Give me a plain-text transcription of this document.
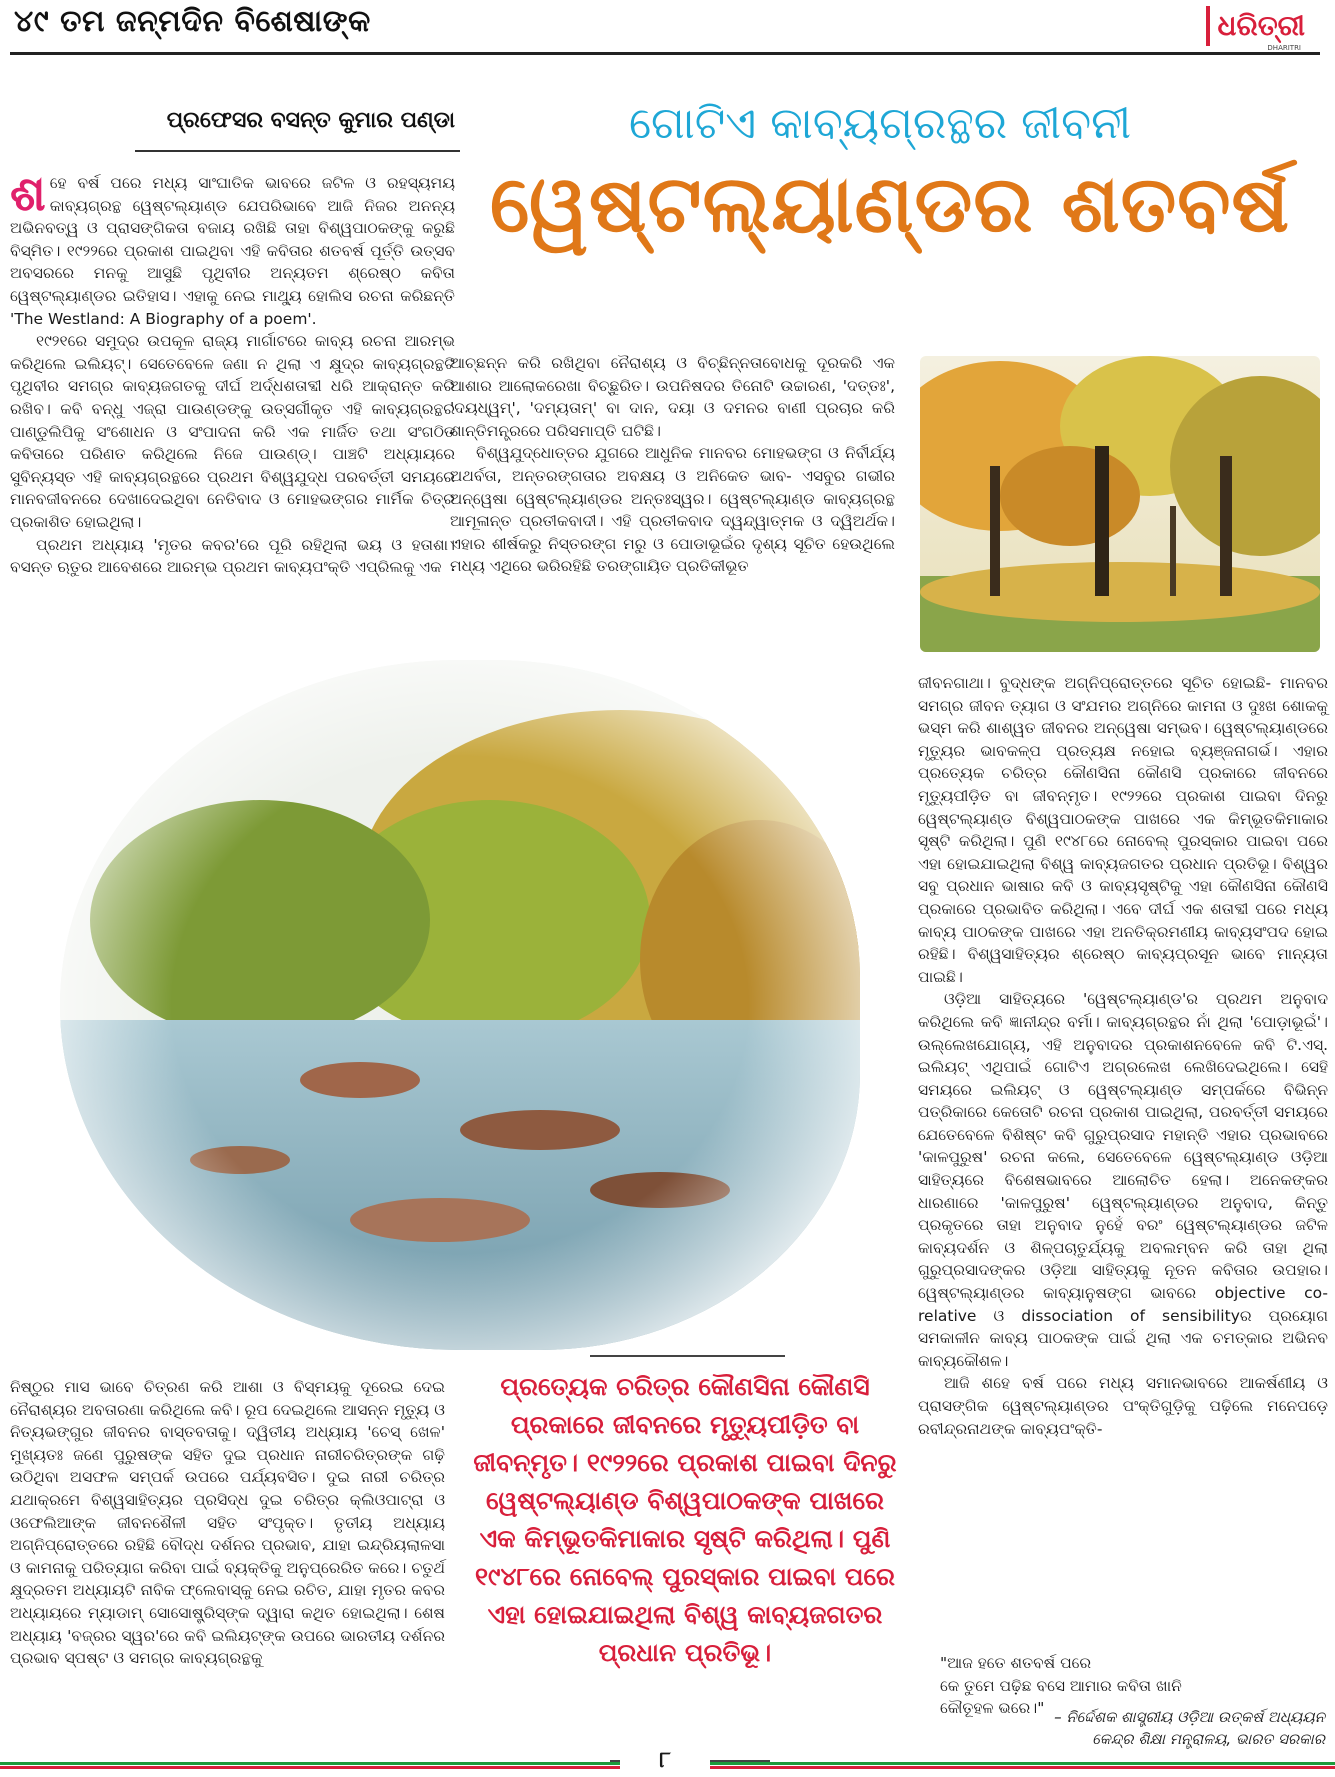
୪୯ ତମ ଜନ୍ମଦିନ ବିଶେଷାଙ୍କ	ଧରିତ୍ରୀ
DHARITRI
ପ୍ରଫେସର ବସନ୍ତ କୁମାର ପଣ୍ଡା	ଗୋଟିଏ କାବ୍ୟଗ୍ରନ୍ଥର ଜୀବନୀ
ୱେଷ୍ଟଲ୍ୟାଣ୍ଡର ଶତବର୍ଷ

ଶହେ ବର୍ଷ ପରେ ମଧ୍ୟ ସାଂଘାତିକ ଭାବରେ ଜଟିଳ ଓ ରହସ୍ୟମୟ କାବ୍ୟଗ୍ରନ୍ଥ ୱେଷ୍ଟଲ୍ୟାଣ୍ଡ ଯେପରିଭାବେ ଆଜି ନିଜର ଅନନ୍ୟ ଅଭିନବତ୍ୱ ଓ ପ୍ରାସଙ୍ଗିକତା ବଜାୟ ରଖିଛି ତାହା ବିଶ୍ୱପାଠକଙ୍କୁ କରୁଛି ବିସ୍ମିତ। ୧୯୨୨ରେ ପ୍ରକାଶ ପାଇଥିବା ଏହି କବିତାର ଶତବର୍ଷ ପୂର୍ତ୍ତି ଉତ୍ସବ ଅବସରରେ ମନକୁ ଆସୁଛି ପୃଥିବୀର ଅନ୍ୟତମ ଶ୍ରେଷ୍ଠ କବିତା ୱେଷ୍ଟଲ୍ୟାଣ୍ଡର ଇତିହାସ। ଏହାକୁ ନେଇ ମାଥ୍ୟୁ ହୋଲିସ ରଚନା କରିଛନ୍ତି 'The Westland: A Biography of a poem'.

୧୯୨୧ରେ ସମୁଦ୍ର ଉପକୂଳ ରାଜ୍ୟ ମାର୍ଗାଟରେ କାବ୍ୟ ରଚନା ଆରମ୍ଭ କରିଥିଲେ ଇଲିୟଟ୍। ସେତେବେଳେ ଜଣା ନ ଥିଲା ଏ କ୍ଷୁଦ୍ର କାବ୍ୟଗ୍ରନ୍ଥଟି ପୃଥିବୀର ସମଗ୍ର କାବ୍ୟଜଗତକୁ ଦୀର୍ଘ ଅର୍ଦ୍ଧଶତାବ୍ଦୀ ଧରି ଆକ୍ରାନ୍ତ କରି ରଖିବ। କବି ବନ୍ଧୁ ଏଜ୍ରା ପାଉଣ୍ଡଙ୍କୁ ଉତ୍ସର୍ଗୀକୃତ ଏହି କାବ୍ୟଗ୍ରନ୍ଥର ପାଣ୍ଡୁଲିପିକୁ ସଂଶୋଧନ ଓ ସଂପାଦନା କରି ଏକ ମାର୍ଜିତ ତଥା ସଂଗଠିତ କବିତାରେ ପରିଣତ କରିଥିଲେ ନିଜେ ପାଉଣ୍ଡ୍। ପାଞ୍ଚଟି ଅଧ୍ୟାୟରେ ସୁବିନ୍ୟସ୍ତ ଏହି କାବ୍ୟଗ୍ରନ୍ଥରେ ପ୍ରଥମ ବିଶ୍ୱଯୁଦ୍ଧ ପରବର୍ତ୍ତୀ ସମୟରେ ମାନବଜୀବନରେ ଦେଖାଦେଇଥିବା ନେତିବାଦ ଓ ମୋହଭଙ୍ଗର ମାର୍ମିକ ଚିତ୍ର ପ୍ରକାଶିତ ହୋଇଥିଲା।

ପ୍ରଥମ ଅଧ୍ୟାୟ 'ମୃତର କବର'ରେ ପୂରି ରହିଥିଲା ଭୟ ଓ ହତାଶା। ବସନ୍ତ ଋତୁର ଆବେଶରେ ଆରମ୍ଭ ପ୍ରଥମ କାବ୍ୟପଂକ୍ତି ଏପ୍ରିଲକୁ ଏକ

ଆଚ୍ଛନ୍ନ କରି ରଖିଥିବା ନୈରାଶ୍ୟ ଓ ବିଚ୍ଛିନ୍ନତାବୋଧକୁ ଦୂରକରି ଏକ ଆଶାର ଆଲୋକରେଖା ବିଚ୍ଛୁରିତ। ଉପନିଷଦର ତିନୋଟି ଉଚ୍ଚାରଣ, 'ଦତ୍ତଃ', 'ଦୟଧ୍ୱମ୍', 'ଦମ୍ୟତାମ୍' ବା ଦାନ, ଦୟା ଓ ଦମନର ବାଣୀ ପ୍ରଚାର କରି ଶାନ୍ତିମନ୍ତ୍ରରେ ପରିସମାପ୍ତି ଘଟିଛି।

ବିଶ୍ୱଯୁଦ୍ଧୋତ୍ତର ଯୁଗରେ ଆଧୁନିକ ମାନବର ମୋହଭଙ୍ଗ ଓ ନିର୍ବୀର୍ଯ୍ୟ ଅଥର୍ବତା, ଅନ୍ତରଙ୍ଗତାର ଅବକ୍ଷୟ ଓ ଅନିକେତ ଭାବ- ଏସବୁର ଗଭୀର ଅନ୍ୱେଷା ୱେଷ୍ଟଲ୍ୟାଣ୍ଡର ଅନ୍ତଃସ୍ୱର। ୱେଷ୍ଟଲ୍ୟାଣ୍ଡ କାବ୍ୟଗ୍ରନ୍ଥ ଆମୂଳାନ୍ତ ପ୍ରତୀକବାଦୀ। ଏହି ପ୍ରତୀକବାଦ ଦ୍ୱନ୍ଦ୍ୱାତ୍ମକ ଓ ଦ୍ୱିଅର୍ଥକ। ଏହାର ଶୀର୍ଷକରୁ ନିସ୍ତରଙ୍ଗ ମରୁ ଓ ପୋଡାଭୂଇଁର ଦୃଶ୍ୟ ସୂଚିତ ହେଉଥିଲେ ମଧ୍ୟ ଏଥିରେ ଭରିରହିଛି ତରଙ୍ଗାୟିତ ପ୍ରତିକୀଭୂତ

ଜୀବନଗାଥା। ବୁଦ୍ଧଙ୍କ ଅଗ୍ନିପ୍ରୋତ୍ତରେ ସୂଚିତ ହୋଇଛି- ମାନବର ସମଗ୍ର ଜୀବନ ତ୍ୟାଗ ଓ ସଂଯମର ଅଗ୍ନିରେ କାମନା ଓ ଦୁଃଖ ଶୋକକୁ ଭସ୍ମ କରି ଶାଶ୍ୱତ ଜୀବନର ଅନ୍ୱେଷା ସମ୍ଭବ। ୱେଷ୍ଟଲ୍ୟାଣ୍ଡରେ ମୃତ୍ୟୁର ଭାବକଳ୍ପ ପ୍ରତ୍ୟକ୍ଷ ନହୋଇ ବ୍ୟଞ୍ଜନାଗର୍ଭ। ଏହାର ପ୍ରତ୍ୟେକ ଚରିତ୍ର କୌଣସିନା କୌଣସି ପ୍ରକାରେ ଜୀବନରେ ମୃତ୍ୟୁପୀଡ଼ିତ ବା ଜୀବନ୍ମୃତ। ୧୯୨୨ରେ ପ୍ରକାଶ ପାଇବା ଦିନରୁ ୱେଷ୍ଟଲ୍ୟାଣ୍ଡ ବିଶ୍ୱପାଠକଙ୍କ ପାଖରେ ଏକ କିମ୍ଭୂତକିମାକାର ସୃଷ୍ଟି କରିଥିଲା। ପୁଣି ୧୯୪୮ରେ ନୋବେଲ୍ ପୁରସ୍କାର ପାଇବା ପରେ ଏହା ହୋଇଯାଇଥିଲା ବିଶ୍ୱ କାବ୍ୟଜଗତର ପ୍ରଧାନ ପ୍ରତିଭୂ। ବିଶ୍ୱର ସବୁ ପ୍ରଧାନ ଭାଷାର କବି ଓ କାବ୍ୟସୃଷ୍ଟିକୁ ଏହା କୌଣସିନା କୌଣସି ପ୍ରକାରେ ପ୍ରଭାବିତ କରିଥିଲା। ଏବେ ଦୀର୍ଘ ଏକ ଶତାବ୍ଦୀ ପରେ ମଧ୍ୟ କାବ୍ୟ ପାଠକଙ୍କ ପାଖରେ ଏହା ଅନତିକ୍ରମଣୀୟ କାବ୍ୟସଂପଦ ହୋଇ ରହିଛି। ବିଶ୍ୱସାହିତ୍ୟର ଶ୍ରେଷ୍ଠ କାବ୍ୟପ୍ରସୂନ ଭାବେ ମାନ୍ୟତା ପାଇଛି।

ଓଡ଼ିଆ ସାହିତ୍ୟରେ 'ୱେଷ୍ଟଲ୍ୟାଣ୍ଡ'ର ପ୍ରଥମ ଅନୁବାଦ କରିଥିଲେ କବି ଜ୍ଞାନୀନ୍ଦ୍ର ବର୍ମା। କାବ୍ୟଗ୍ରନ୍ଥର ନାଁ ଥିଲା 'ପୋଡ଼ାଭୂଇଁ'। ଉଲ୍ଲେଖଯୋଗ୍ୟ, ଏହି ଅନୁବାଦର ପ୍ରକାଶନବେଳେ କବି ଟି.ଏସ୍. ଇଲିୟଟ୍ ଏଥିପାଇଁ ଗୋଟିଏ ଅଗ୍ରଲେଖ ଲେଖିଦେଇଥିଲେ। ସେହି ସମୟରେ ଇଲିୟଟ୍ ଓ ୱେଷ୍ଟଲ୍ୟାଣ୍ଡ ସମ୍ପର୍କରେ ବିଭିନ୍ନ ପତ୍ରିକାରେ କେତୋଟି ରଚନା ପ୍ରକାଶ ପାଇଥିଲା, ପରବର୍ତ୍ତୀ ସମୟରେ ଯେତେବେଳେ ବିଶିଷ୍ଟ କବି ଗୁରୁପ୍ରସାଦ ମହାନ୍ତି ଏହାର ପ୍ରଭାବରେ 'କାଳପୁରୁଷ' ରଚନା କଲେ, ସେତେବେଳେ ୱେଷ୍ଟଲ୍ୟାଣ୍ଡ ଓଡ଼ିଆ ସାହିତ୍ୟରେ ବିଶେଷଭାବରେ ଆଲୋଚିତ ହେଲା। ଅନେକଙ୍କର ଧାରଣାରେ 'କାଳପୁରୁଷ' ୱେଷ୍ଟଲ୍ୟାଣ୍ଡର ଅନୁବାଦ, କିନ୍ତୁ ପ୍ରକୃତରେ ତାହା ଅନୁବାଦ ନୁହେଁ ବରଂ ୱେଷ୍ଟଲ୍ୟାଣ୍ଡର ଜଟିଳ କାବ୍ୟଦର୍ଶନ ଓ ଶିଳ୍ପଚାତୁର୍ଯ୍ୟକୁ ଅବଲମ୍ବନ କରି ତାହା ଥିଲା ଗୁରୁପ୍ରସାଦଙ୍କର ଓଡ଼ିଆ ସାହିତ୍ୟକୁ ନୂତନ କବିତାର ଉପହାର। ୱେଷ୍ଟଲ୍ୟାଣ୍ଡର କାବ୍ୟାନୁଷଙ୍ଗ ଭାବରେ objective co-relative ଓ dissociation of sensibilityର ପ୍ରୟୋଗ ସମକାଳୀନ କାବ୍ୟ ପାଠକଙ୍କ ପାଇଁ ଥିଲା ଏକ ଚମତ୍କାର ଅଭିନବ କାବ୍ୟକୌଶଳ।

ଆଜି ଶହେ ବର୍ଷ ପରେ ମଧ୍ୟ ସମାନଭାବରେ ଆକର୍ଷଣୀୟ ଓ ପ୍ରାସଙ୍ଗିକ ୱେଷ୍ଟଲ୍ୟାଣ୍ଡର ପଂକ୍ତିଗୁଡ଼ିକୁ ପଢ଼ିଲେ ମନେପଡ଼େ ରବୀନ୍ଦ୍ରନାଥଙ୍କ କାବ୍ୟପଂକ୍ତି-

"ଆଜ ହତେ ଶତବର୍ଷ ପରେ
କେ ତୁମେ ପଢ଼ିଛ ବସେ ଆମାର କବିତା ଖାନି
କୌତୂହଳ ଭରେ।" – ନିର୍ଦ୍ଦେଶକ ଶାସ୍ତ୍ରୀୟ ଓଡ଼ିଆ ଉତ୍କର୍ଷ ଅଧ୍ୟୟନ
କେନ୍ଦ୍ର ଶିକ୍ଷା ମନ୍ତ୍ରାଳୟ, ଭାରତ ସରକାର

ନିଷ୍ଠୁର ମାସ ଭାବେ ଚିତ୍ରଣ କରି ଆଶା ଓ ବିସ୍ମୟକୁ ଦୂରେଇ ଦେଇ ନୈରାଶ୍ୟର ଅବତାରଣା କରିଥିଲେ କବି। ରୂପ ଦେଇଥିଲେ ଆସନ୍ନ ମୃତ୍ୟୁ ଓ ନିତ୍ୟଭଙ୍ଗୁର ଜୀବନର ବାସ୍ତବତାକୁ। ଦ୍ୱିତୀୟ ଅଧ୍ୟାୟ 'ଚେସ୍ ଖେଳ' ମୁଖ୍ୟତଃ ଜଣେ ପୁରୁଷଙ୍କ ସହିତ ଦୁଇ ପ୍ରଧାନ ନାରୀଚରିତ୍ରଙ୍କ ଗଢ଼ି ଉଠିଥିବା ଅସଫଳ ସମ୍ପର୍କ ଉପରେ ପର୍ଯ୍ୟବସିତ। ଦୁଇ ନାରୀ ଚରିତ୍ର ଯଥାକ୍ରମେ ବିଶ୍ୱସାହିତ୍ୟର ପ୍ରସିଦ୍ଧ ଦୁଇ ଚରିତ୍ର କ୍ଲିଓପାଟ୍ରା ଓ ଓଫେଲିଆଙ୍କ ଜୀବନଶୈଳୀ ସହିତ ସଂପୃକ୍ତ। ତୃତୀୟ ଅଧ୍ୟାୟ ଅଗ୍ନିପ୍ରୋତ୍ତରେ ରହିଛି ବୌଦ୍ଧ ଦର୍ଶନର ପ୍ରଭାବ, ଯାହା ଇନ୍ଦ୍ରିୟଲାଳସା ଓ କାମନାକୁ ପରିତ୍ୟାଗ କରିବା ପାଇଁ ବ୍ୟକ୍ତିକୁ ଅନୁପ୍ରେରିତ କରେ। ଚତୁର୍ଥ କ୍ଷୁଦ୍ରତମ ଅଧ୍ୟାୟଟି ନାବିକ ଫ୍ଲେବାସ୍‌କୁ ନେଇ ରଚିତ, ଯାହା ମୃତର କବର ଅଧ୍ୟାୟରେ ମ୍ୟାଡାମ୍ ସୋସୋଷ୍ଟ୍ରିସ୍‌ଙ୍କ ଦ୍ୱାରା କଥିତ ହୋଇଥିଲା। ଶେଷ ଅଧ୍ୟାୟ 'ବଜ୍ରର ସ୍ୱର'ରେ କବି ଇଲିୟଟ୍‌ଙ୍କ ଉପରେ ଭାରତୀୟ ଦର୍ଶନର ପ୍ରଭାବ ସ୍ପଷ୍ଟ ଓ ସମଗ୍ର କାବ୍ୟଗ୍ରନ୍ଥକୁ

ପ୍ରତ୍ୟେକ ଚରିତ୍ର କୌଣସିନା କୌଣସି ପ୍ରକାରେ ଜୀବନରେ ମୃତ୍ୟୁପୀଡ଼ିତ ବା ଜୀବନ୍ମୃତ। ୧୯୨୨ରେ ପ୍ରକାଶ ପାଇବା ଦିନରୁ ୱେଷ୍ଟଲ୍ୟାଣ୍ଡ ବିଶ୍ୱପାଠକଙ୍କ ପାଖରେ ଏକ କିମ୍ଭୂତକିମାକାର ସୃଷ୍ଟି କରିଥିଲା। ପୁଣି ୧୯୪୮ରେ ନୋବେଲ୍ ପୁରସ୍କାର ପାଇବା ପରେ ଏହା ହୋଇଯାଇଥିଲା ବିଶ୍ୱ କାବ୍ୟଜଗତର ପ୍ରଧାନ ପ୍ରତିଭୂ।
୮
